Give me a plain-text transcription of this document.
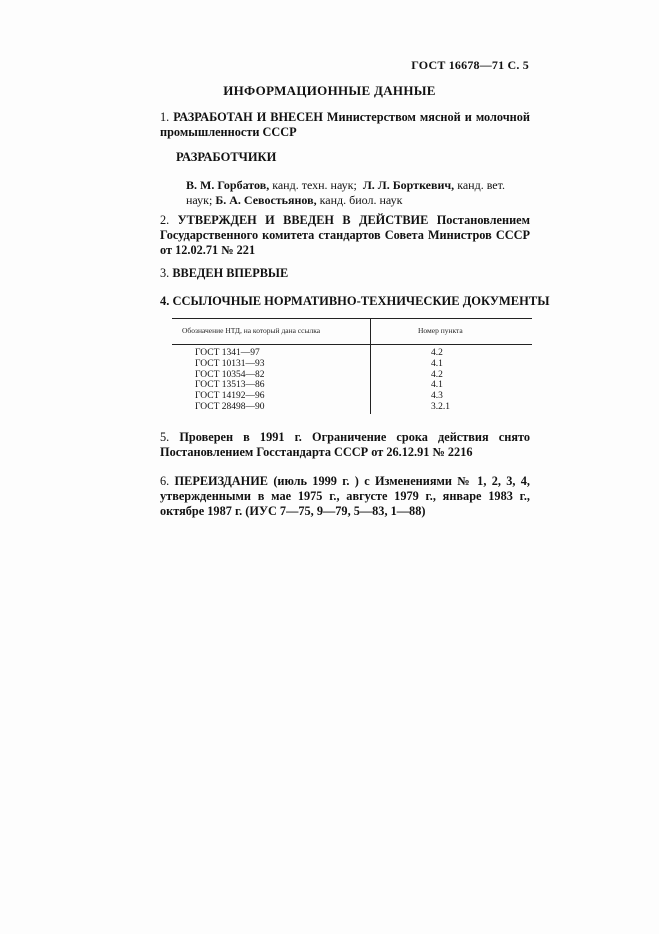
ГОСТ 16678—71 С. 5
ИНФОРМАЦИОННЫЕ ДАННЫЕ
1. РАЗРАБОТАН И ВНЕСЕН Министерством мясной и молочной промышленности СССР
РАЗРАБОТЧИКИ
В. М. Горбатов, канд. техн. наук; Л. Л. Борткевич, канд. вет. наук; Б. А. Севостьянов, канд. биол. наук
2. УТВЕРЖДЕН И ВВЕДЕН В ДЕЙСТВИЕ Постановлением Государственного комитета стандартов Совета Министров СССР от 12.02.71 № 221
3. ВВЕДЕН ВПЕРВЫЕ
4. ССЫЛОЧНЫЕ НОРМАТИВНО-ТЕХНИЧЕСКИЕ ДОКУМЕНТЫ
Обозначение НТД, на который дана ссылка	Номер пункта
ГОСТ 1341—97	4.2
ГОСТ 10131—93	4.1
ГОСТ 10354—82	4.2
ГОСТ 13513—86	4.1
ГОСТ 14192—96	4.3
ГОСТ 28498—90	3.2.1
5. Проверен в 1991 г. Ограничение срока действия снято Постановлением Госстандарта СССР от 26.12.91 № 2216
6. ПЕРЕИЗДАНИЕ (июль 1999 г. ) с Изменениями № 1, 2, 3, 4, утвержденными в мае 1975 г., августе 1979 г., январе 1983 г., октябре 1987 г. (ИУС 7—75, 9—79, 5—83, 1—88)
